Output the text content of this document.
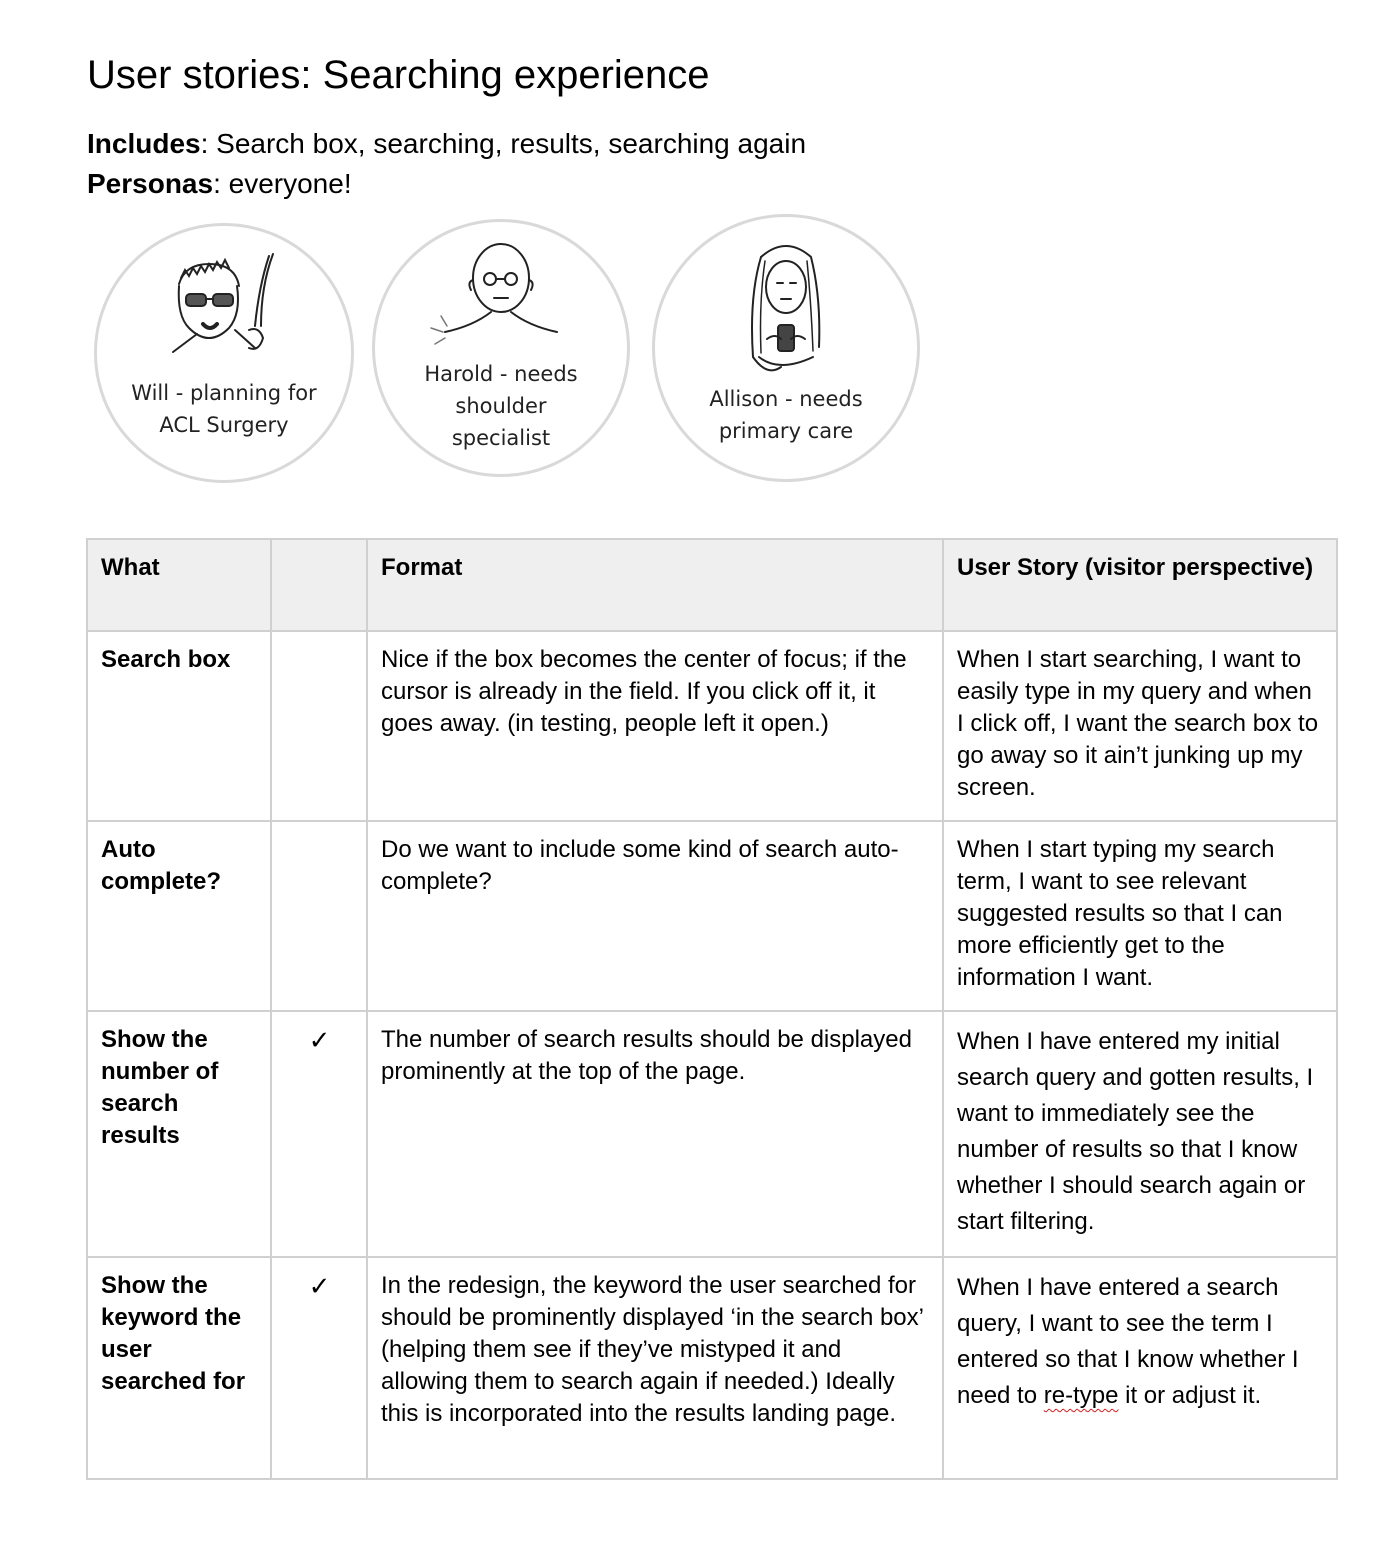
User stories: Searching experience
Includes: Search box, searching, results, searching again
Personas: everyone!
Will - planning for
ACL Surgery
Harold - needs
shoulder
specialist
Allison - needs
primary care
What		Format	User Story (visitor perspective)
Search box		Nice if the box becomes the center of focus; if the cursor is already in the field. If you click off it, it goes away. (in testing, people left it open.)	When I start searching, I want to easily type in my query and when I click off, I want the search box to go away so it ain’t junking up my screen.
Auto complete?		Do we want to include some kind of search auto-complete?	When I start typing my search term, I want to see relevant suggested results so that I can more efficiently get to the information I want.
Show the number of search results	✓	The number of search results should be displayed prominently at the top of the page.	When I have entered my initial search query and gotten results, I want to immediately see the number of results so that I know whether I should search again or start filtering.
Show the keyword the user searched for	✓	In the redesign, the keyword the user searched for should be prominently displayed ‘in the search box’ (helping them see if they’ve mistyped it and allowing them to search again if needed.) Ideally this is incorporated into the results landing page.	When I have entered a search query, I want to see the term I entered so that I know whether I need to re-type it or adjust it.
